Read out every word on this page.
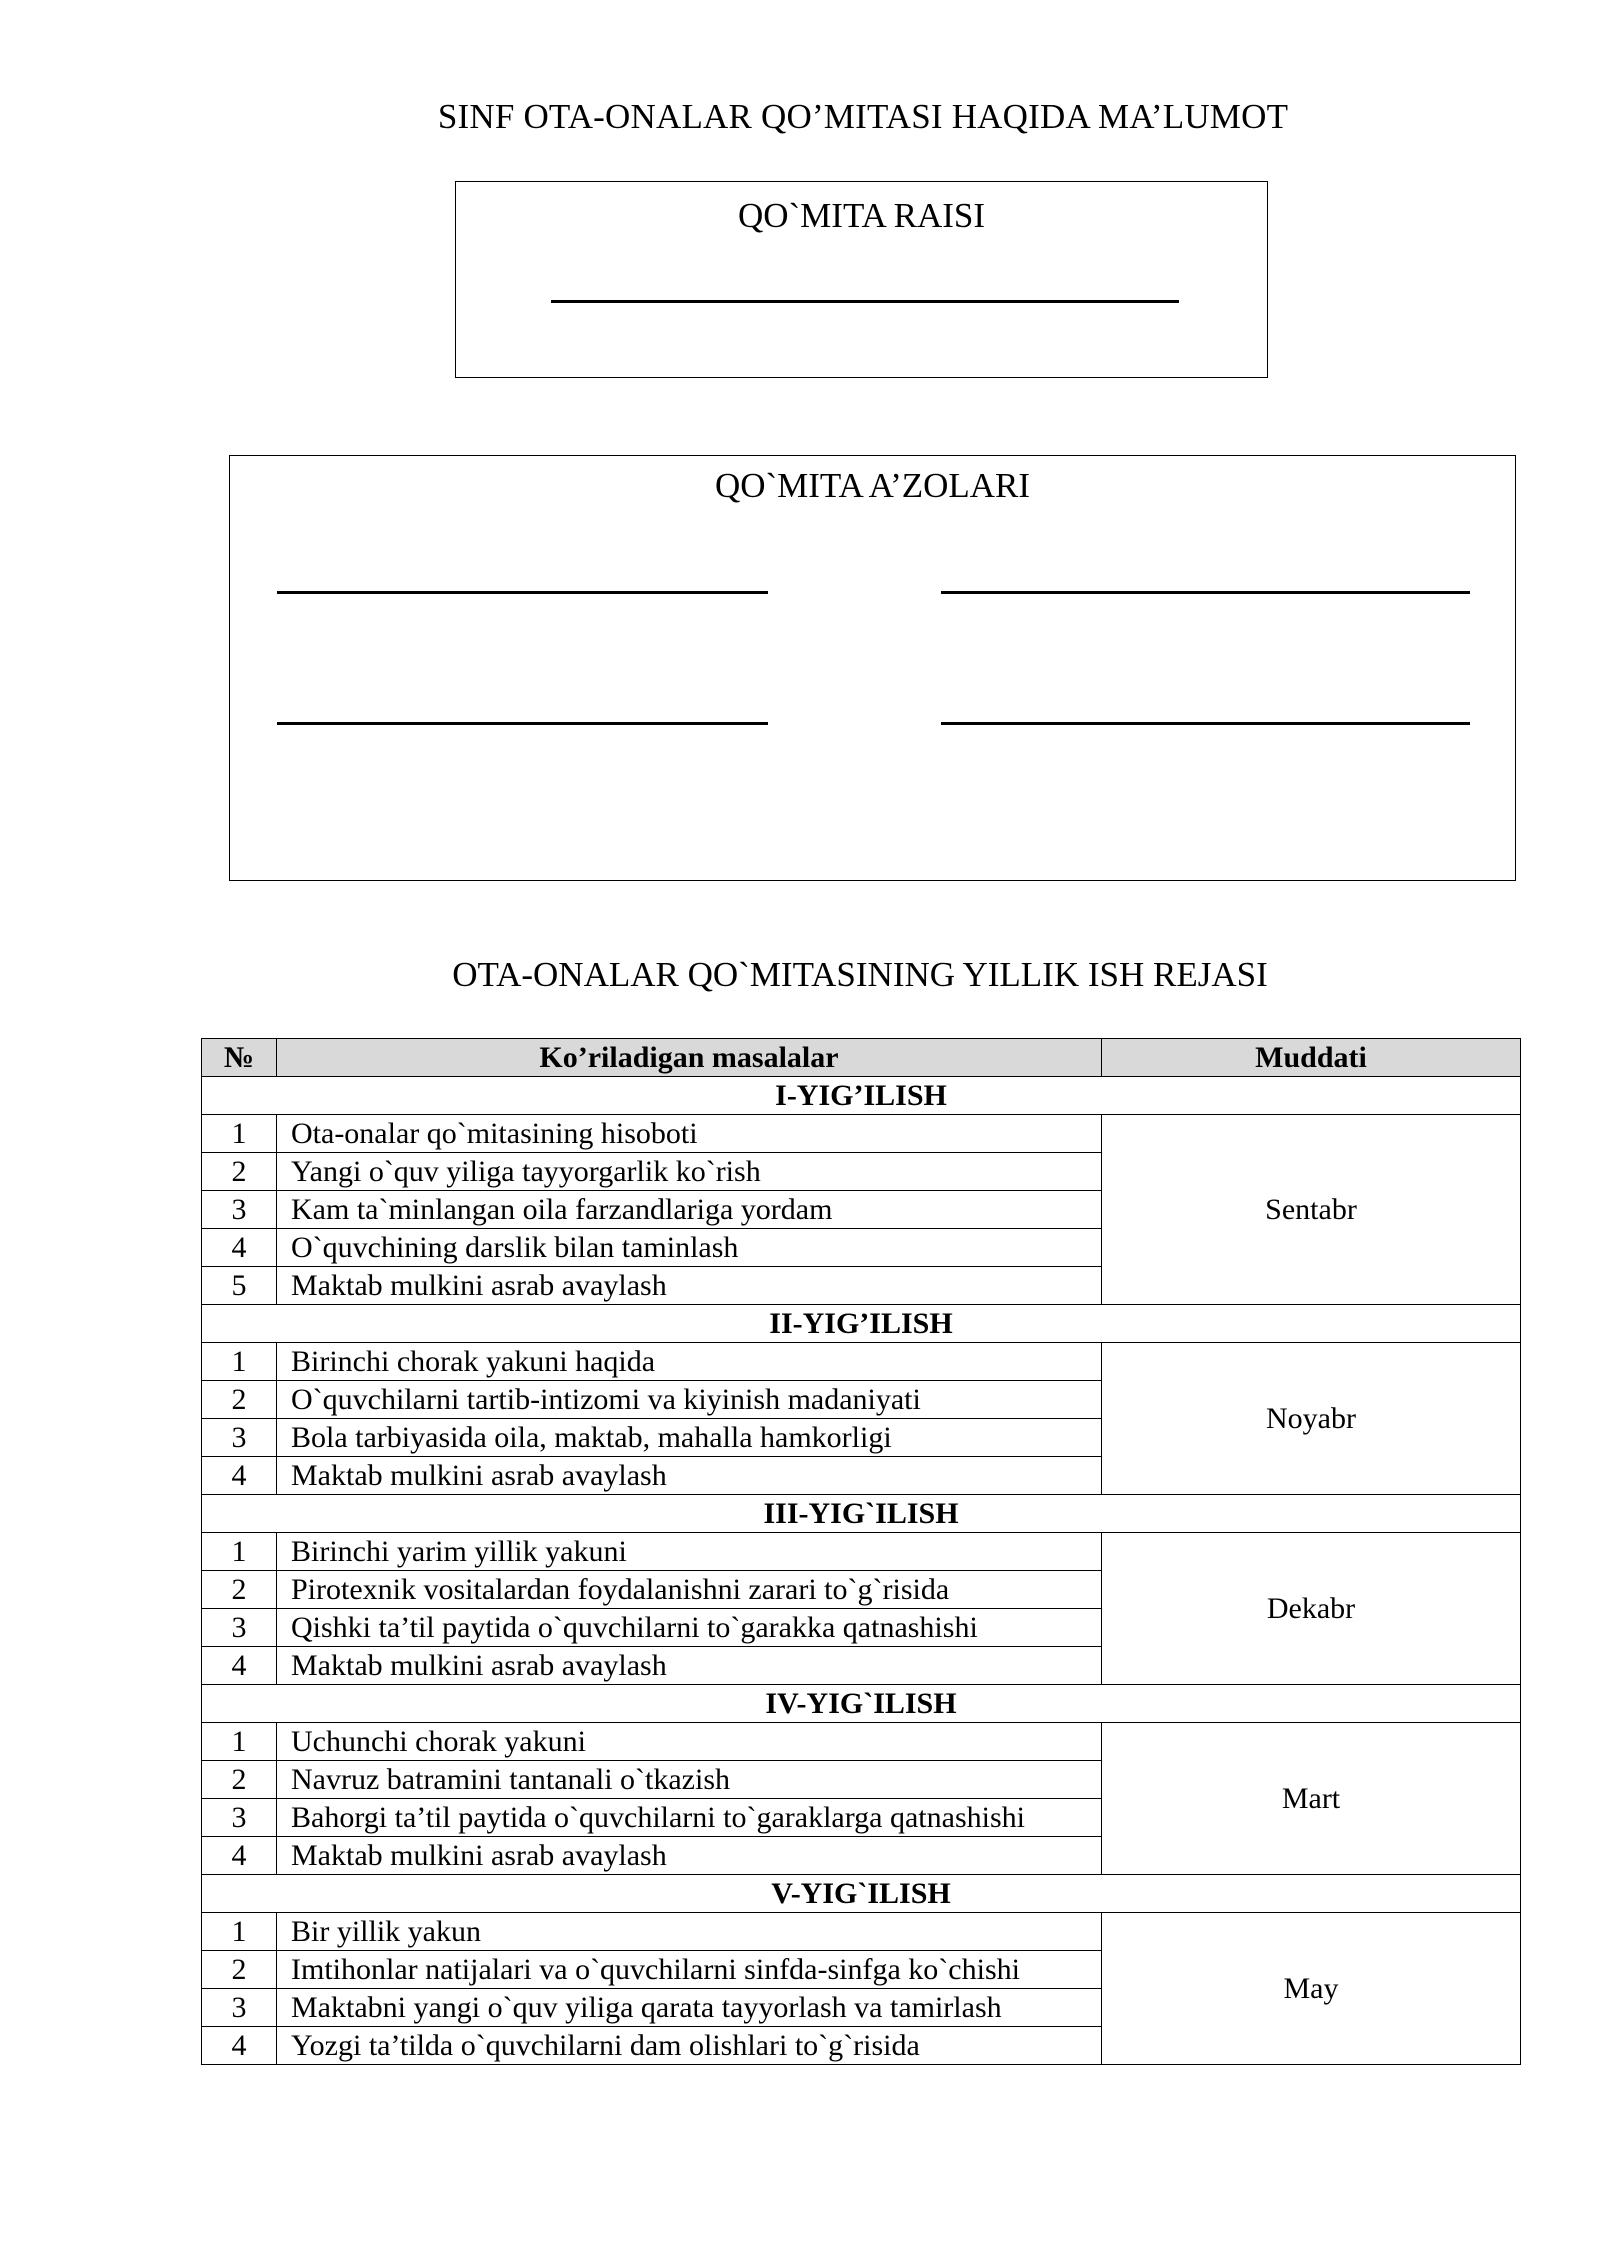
SINF OTA-ONALAR QO’MITASI HAQIDA MA’LUMOT
QO`MITA RAISI
QO`MITA A’ZOLARI
OTA-ONALAR QO`MITASINING YILLIK ISH REJASI
№	Ko’riladigan masalalar	Muddati
I-YIG’ILISH		
1	Ota-onalar qo`mitasining hisoboti	Sentabr
2	Yangi o`quv yiliga tayyorgarlik ko`rish	
3	Kam ta`minlangan oila farzandlariga yordam	
4	O`quvchining darslik bilan taminlash	
5	Maktab mulkini asrab avaylash	
II-YIG’ILISH		
1	Birinchi chorak yakuni haqida	Noyabr
2	O`quvchilarni tartib-intizomi va kiyinish madaniyati	
3	Bola tarbiyasida oila, maktab, mahalla hamkorligi	
4	Maktab mulkini asrab avaylash	
III-YIG`ILISH		
1	Birinchi yarim yillik yakuni	Dekabr
2	Pirotexnik vositalardan foydalanishni zarari to`g`risida	
3	Qishki ta’til paytida o`quvchilarni to`garakka qatnashishi	
4	Maktab mulkini asrab avaylash	
IV-YIG`ILISH		
1	Uchunchi chorak yakuni	Mart
2	Navruz batramini tantanali o`tkazish	
3	Bahorgi ta’til paytida o`quvchilarni to`garaklarga qatnashishi	
4	Maktab mulkini asrab avaylash	
V-YIG`ILISH		
1	Bir yillik yakun	May
2	Imtihonlar natijalari va o`quvchilarni sinfda-sinfga ko`chishi	
3	Maktabni yangi o`quv yiliga qarata tayyorlash va tamirlash	
4	Yozgi ta’tilda o`quvchilarni dam olishlari to`g`risida	
